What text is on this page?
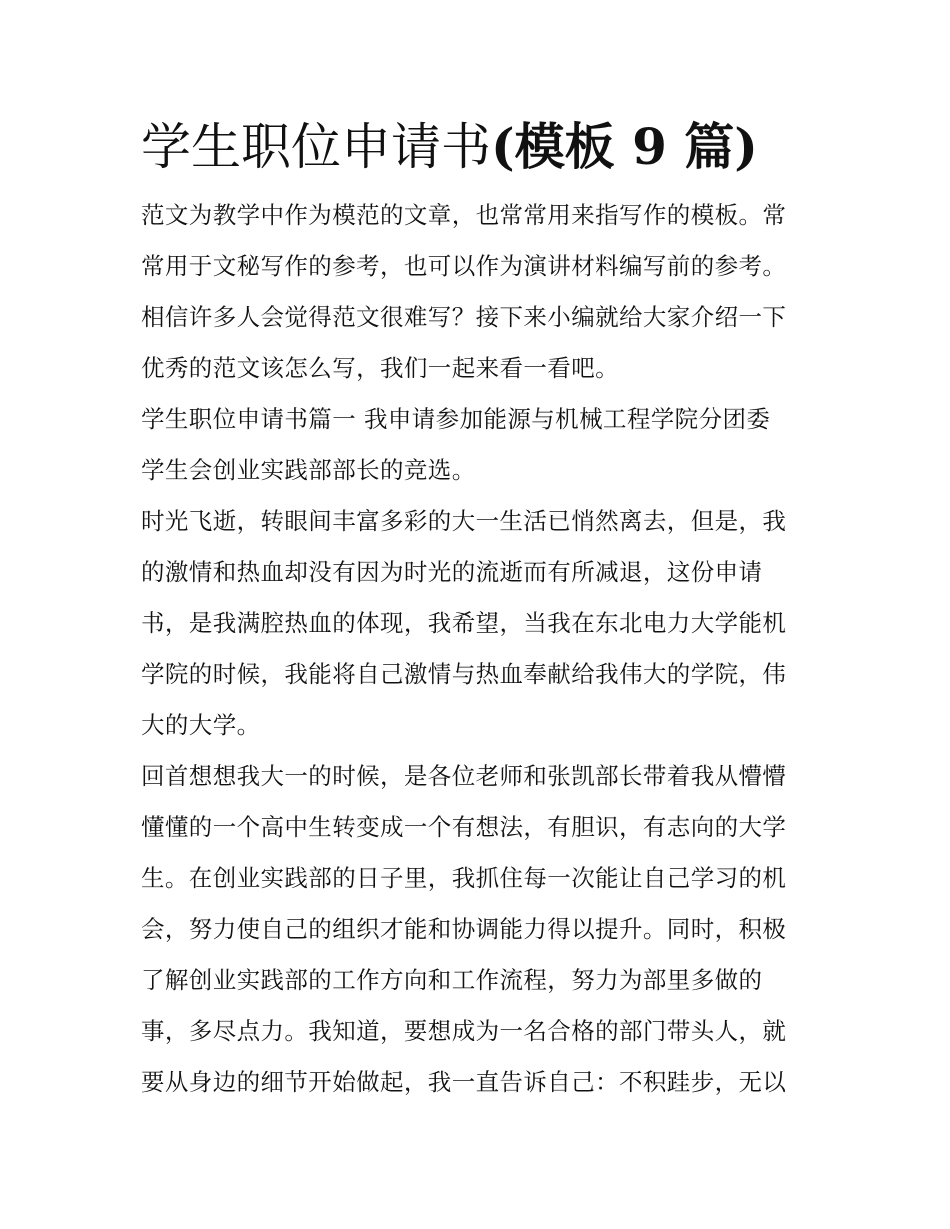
学生职位申请书(模板 9 篇)

范文为教学中作为模范的文章，也常常用来指写作的模板。常
常用于文秘写作的参考，也可以作为演讲材料编写前的参考。
相信许多人会觉得范文很难写？接下来小编就给大家介绍一下
优秀的范文该怎么写，我们一起来看一看吧。

学生职位申请书篇一 我申请参加能源与机械工程学院分团委
学生会创业实践部部长的竞选。

时光飞逝，转眼间丰富多彩的大一生活已悄然离去，但是，我
的激情和热血却没有因为时光的流逝而有所减退，这份申请
书，是我满腔热血的体现，我希望，当我在东北电力大学能机
学院的时候，我能将自己激情与热血奉献给我伟大的学院，伟
大的大学。

回首想想我大一的时候，是各位老师和张凯部长带着我从懵懵
懂懂的一个高中生转变成一个有想法，有胆识，有志向的大学
生。在创业实践部的日子里，我抓住每一次能让自己学习的机
会，努力使自己的组织才能和协调能力得以提升。同时，积极
了解创业实践部的工作方向和工作流程，努力为部里多做的
事，多尽点力。我知道，要想成为一名合格的部门带头人，就
要从身边的细节开始做起，我一直告诉自己：不积跬步，无以
